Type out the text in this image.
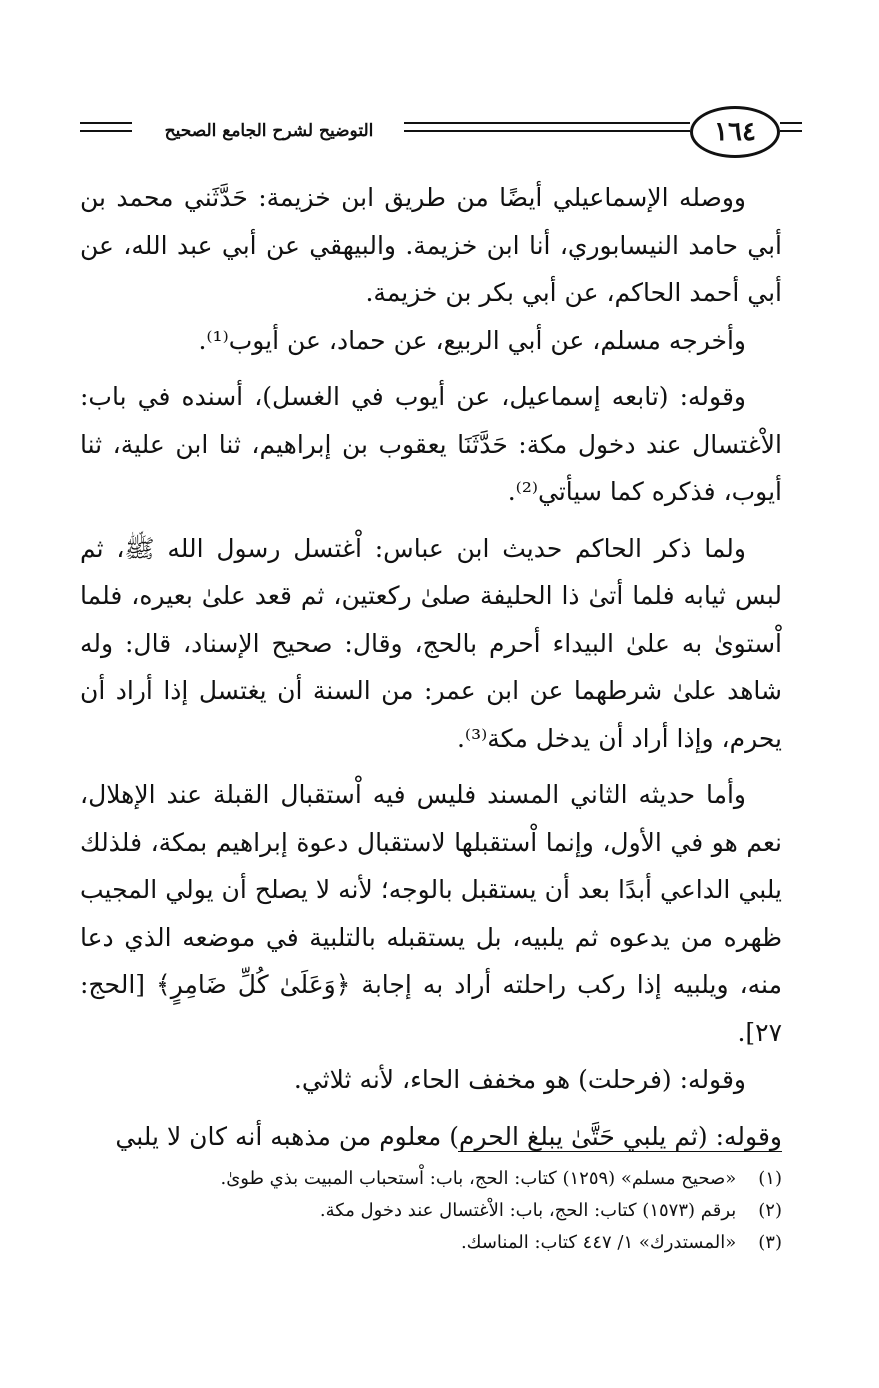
التوضيح لشرح الجامع الصحيح	١٦٤

ووصله الإسماعيلي أيضًا من طريق ابن خزيمة: حَدَّثَني محمد بن أبي حامد النيسابوري، أنا ابن خزيمة. والبيهقي عن أبي عبد الله، عن أبي أحمد الحاكم، عن أبي بكر بن خزيمة.

وأخرجه مسلم، عن أبي الربيع، عن حماد، عن أيوب⁽¹⁾.

وقوله: (تابعه إسماعيل، عن أيوب في الغسل)، أسنده في باب: الاْغتسال عند دخول مكة: حَدَّثَنَا يعقوب بن إبراهيم، ثنا ابن علية، ثنا أيوب، فذكره كما سيأتي⁽²⁾.

ولما ذكر الحاكم حديث ابن عباس: اْغتسل رسول الله ﷺ، ثم لبس ثيابه فلما أتىٰ ذا الحليفة صلىٰ ركعتين، ثم قعد علىٰ بعيره، فلما اْستوىٰ به علىٰ البيداء أحرم بالحج، وقال: صحيح الإسناد، قال: وله شاهد علىٰ شرطهما عن ابن عمر: من السنة أن يغتسل إذا أراد أن يحرم، وإذا أراد أن يدخل مكة⁽³⁾.

وأما حديثه الثاني المسند فليس فيه اْستقبال القبلة عند الإهلال، نعم هو في الأول، وإنما اْستقبلها لاستقبال دعوة إبراهيم بمكة، فلذلك يلبي الداعي أبدًا بعد أن يستقبل بالوجه؛ لأنه لا يصلح أن يولي المجيب ظهره من يدعوه ثم يلبيه، بل يستقبله بالتلبية في موضعه الذي دعا منه، ويلبيه إذا ركب راحلته أراد به إجابة ﴿وَعَلَىٰ كُلِّ ضَامِرٍ﴾ [الحج: ٢٧].

وقوله: (فرحلت) هو مخفف الحاء، لأنه ثلاثي.

وقوله: (ثم يلبي حَتَّىٰ يبلغ الحرم) معلوم من مذهبه أنه كان لا يلبي

(١) «صحيح مسلم» (١٢٥٩) كتاب: الحج، باب: اْستحباب المبيت بذي طوىٰ.

(٢) برقم (١٥٧٣) كتاب: الحج، باب: الاْغتسال عند دخول مكة.

(٣) «المستدرك» ١/ ٤٤٧ كتاب: المناسك.
